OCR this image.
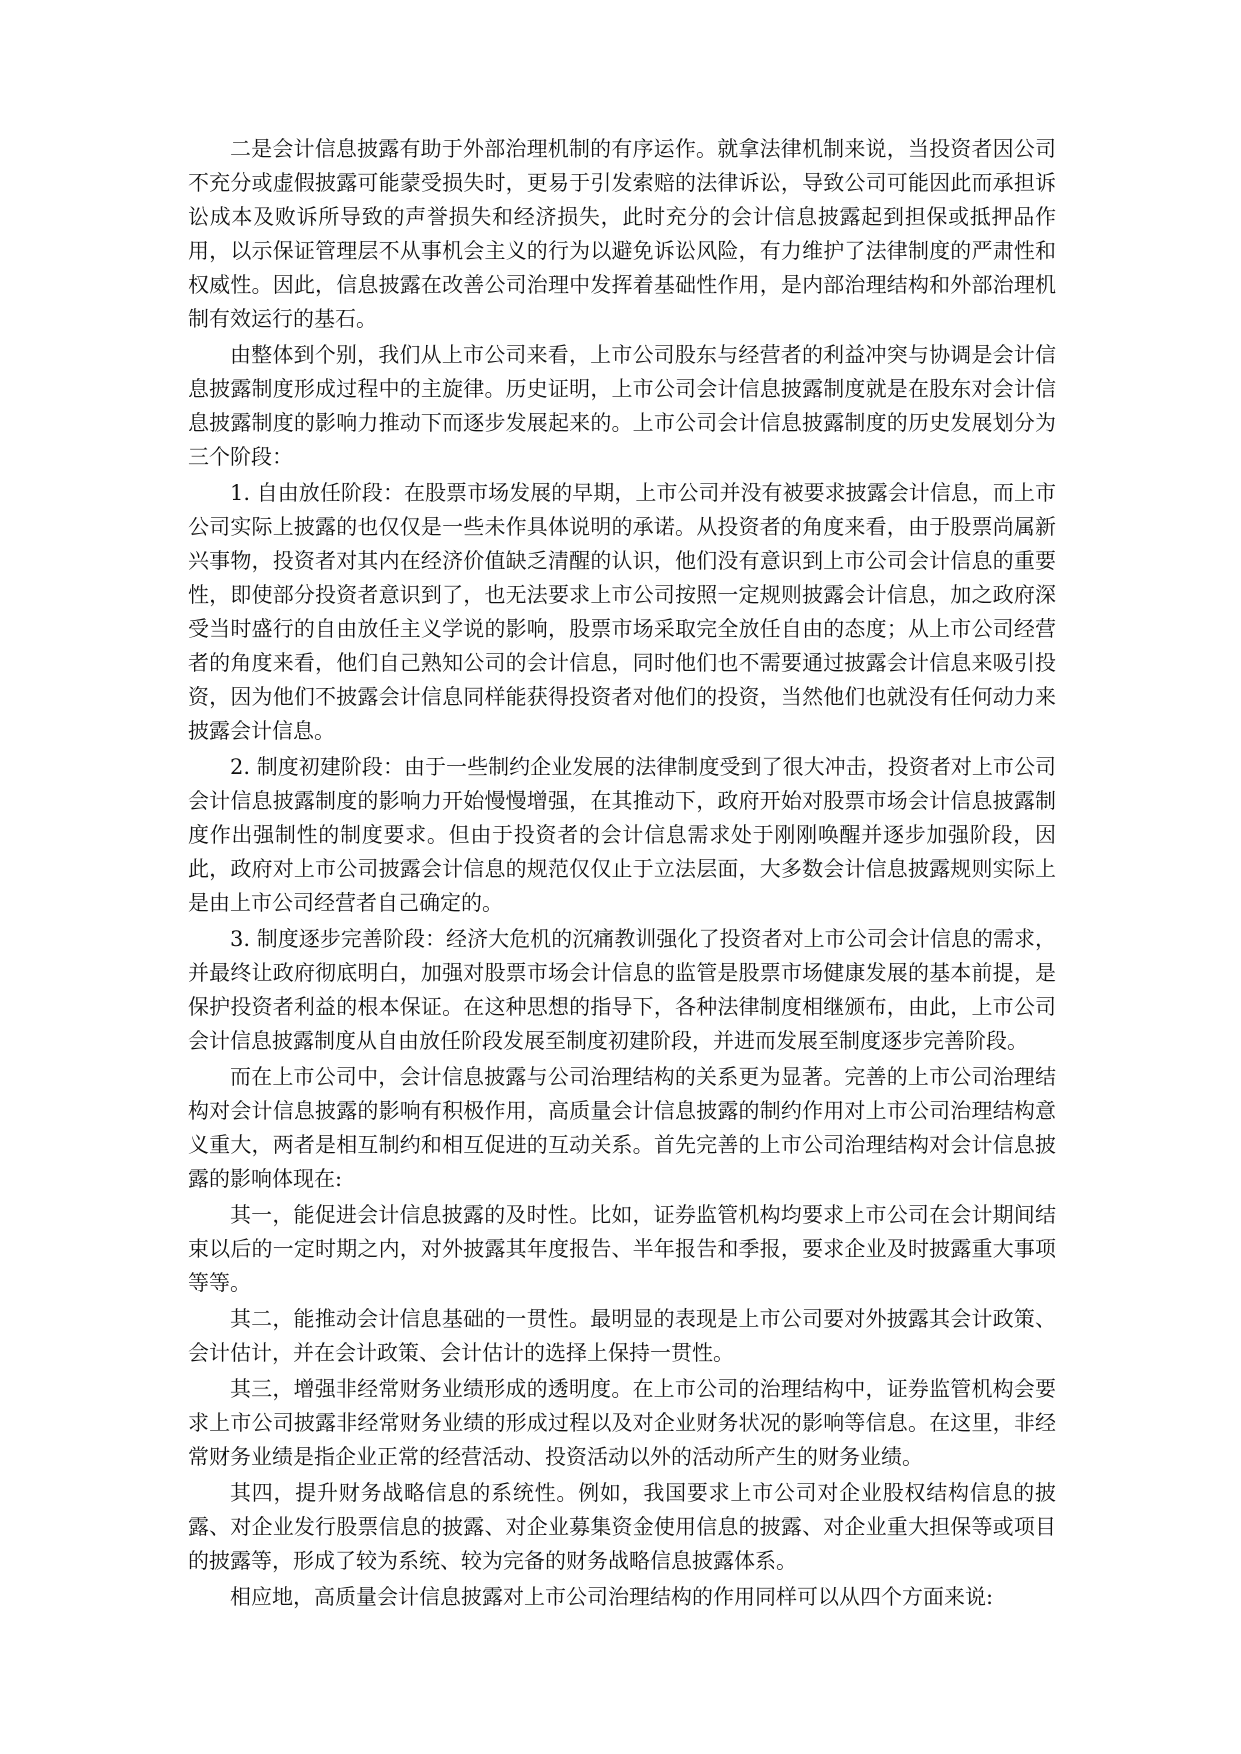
二是会计信息披露有助于外部治理机制的有序运作。就拿法律机制来说，当投资者因公司不充分或虚假披露可能蒙受损失时，更易于引发索赔的法律诉讼，导致公司可能因此而承担诉讼成本及败诉所导致的声誉损失和经济损失，此时充分的会计信息披露起到担保或抵押品作用，以示保证管理层不从事机会主义的行为以避免诉讼风险，有力维护了法律制度的严肃性和权威性。因此，信息披露在改善公司治理中发挥着基础性作用，是内部治理结构和外部治理机制有效运行的基石。

由整体到个别，我们从上市公司来看，上市公司股东与经营者的利益冲突与协调是会计信息披露制度形成过程中的主旋律。历史证明，上市公司会计信息披露制度就是在股东对会计信息披露制度的影响力推动下而逐步发展起来的。上市公司会计信息披露制度的历史发展划分为三个阶段：

1. 自由放任阶段：在股票市场发展的早期，上市公司并没有被要求披露会计信息，而上市公司实际上披露的也仅仅是一些未作具体说明的承诺。从投资者的角度来看，由于股票尚属新兴事物，投资者对其内在经济价值缺乏清醒的认识，他们没有意识到上市公司会计信息的重要性，即使部分投资者意识到了，也无法要求上市公司按照一定规则披露会计信息，加之政府深受当时盛行的自由放任主义学说的影响，股票市场采取完全放任自由的态度；从上市公司经营者的角度来看，他们自己熟知公司的会计信息，同时他们也不需要通过披露会计信息来吸引投资，因为他们不披露会计信息同样能获得投资者对他们的投资，当然他们也就没有任何动力来披露会计信息。

2. 制度初建阶段：由于一些制约企业发展的法律制度受到了很大冲击，投资者对上市公司会计信息披露制度的影响力开始慢慢增强，在其推动下，政府开始对股票市场会计信息披露制度作出强制性的制度要求。但由于投资者的会计信息需求处于刚刚唤醒并逐步加强阶段，因此，政府对上市公司披露会计信息的规范仅仅止于立法层面，大多数会计信息披露规则实际上是由上市公司经营者自己确定的。

3. 制度逐步完善阶段：经济大危机的沉痛教训强化了投资者对上市公司会计信息的需求，并最终让政府彻底明白，加强对股票市场会计信息的监管是股票市场健康发展的基本前提，是保护投资者利益的根本保证。在这种思想的指导下，各种法律制度相继颁布，由此，上市公司会计信息披露制度从自由放任阶段发展至制度初建阶段，并进而发展至制度逐步完善阶段。

而在上市公司中，会计信息披露与公司治理结构的关系更为显著。完善的上市公司治理结构对会计信息披露的影响有积极作用，高质量会计信息披露的制约作用对上市公司治理结构意义重大，两者是相互制约和相互促进的互动关系。首先完善的上市公司治理结构对会计信息披露的影响体现在:

其一，能促进会计信息披露的及时性。比如，证券监管机构均要求上市公司在会计期间结束以后的一定时期之内，对外披露其年度报告、半年报告和季报，要求企业及时披露重大事项等等。

其二，能推动会计信息基础的一贯性。最明显的表现是上市公司要对外披露其会计政策、会计估计，并在会计政策、会计估计的选择上保持一贯性。

其三，增强非经常财务业绩形成的透明度。在上市公司的治理结构中，证券监管机构会要求上市公司披露非经常财务业绩的形成过程以及对企业财务状况的影响等信息。在这里，非经常财务业绩是指企业正常的经营活动、投资活动以外的活动所产生的财务业绩。

其四，提升财务战略信息的系统性。例如，我国要求上市公司对企业股权结构信息的披露、对企业发行股票信息的披露、对企业募集资金使用信息的披露、对企业重大担保等或项目的披露等，形成了较为系统、较为完备的财务战略信息披露体系。

相应地，高质量会计信息披露对上市公司治理结构的作用同样可以从四个方面来说:
